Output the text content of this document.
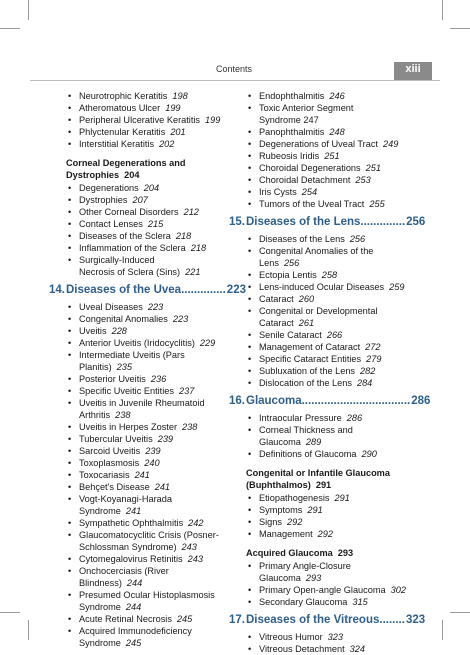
Contents	xiii
• Neurotrophic Keratitis 198
• Atheromatous Ulcer 199
• Peripheral Ulcerative Keratitis 199
• Phlyctenular Keratitis 201
• Interstitial Keratitis 202
Corneal Degenerations and
Dystrophies 204
• Degenerations 204
• Dystrophies 207
• Other Corneal Disorders 212
• Contact Lenses 215
• Diseases of the Sclera 218
• Inflammation of the Sclera 218
• Surgically-Induced
Necrosis of Sclera (Sins) 221
14.Diseases of the Uvea..............223
• Uveal Diseases 223
• Congenital Anomalies 223
• Uveitis 228
• Anterior Uveitis (Iridocyclitis) 229
• Intermediate Uveitis (Pars
Planitis) 235
• Posterior Uveitis 236
• Specific Uveitic Entities 237
• Uveitis in Juvenile Rheumatoid
Arthritis 238
• Uveitis in Herpes Zoster 238
• Tubercular Uveitis 239
• Sarcoid Uveitis 239
• Toxoplasmosis 240
• Toxocariasis 241
• Behçet's Disease 241
• Vogt-Koyanagi-Harada
Syndrome 241
• Sympathetic Ophthalmitis 242
• Glaucomatocyclitic Crisis (Posner-
Schlossman Syndrome) 243
• Cytomegalovirus Retinitis 243
• Onchocerciasis (River
Blindness) 244
• Presumed Ocular Histoplasmosis
Syndrome 244
• Acute Retinal Necrosis 245
• Acquired Immunodeficiency
Syndrome 245
• Endophthalmitis 246
• Toxic Anterior Segment
Syndrome 247
• Panophthalmitis 248
• Degenerations of Uveal Tract 249
• Rubeosis Iridis 251
• Choroidal Degenerations 251
• Choroidal Detachment 253
• Iris Cysts 254
• Tumors of the Uveal Tract 255
15.Diseases of the Lens..............256
• Diseases of the Lens 256
• Congenital Anomalies of the
Lens 256
• Ectopia Lentis 258
• Lens-induced Ocular Diseases 259
• Cataract 260
• Congenital or Developmental
Cataract 261
• Senile Cataract 266
• Management of Cataract 272
• Specific Cataract Entities 279
• Subluxation of the Lens 282
• Dislocation of the Lens 284
16.Glaucoma..................................286
• Intraocular Pressure 286
• Corneal Thickness and
Glaucoma 289
• Definitions of Glaucoma 290
Congenital or Infantile Glaucoma
(Buphthalmos) 291
• Etiopathogenesis 291
• Symptoms 291
• Signs 292
• Management 292
Acquired Glaucoma 293
• Primary Angle-Closure
Glaucoma 293
• Primary Open-angle Glaucoma 302
• Secondary Glaucoma 315
17.Diseases of the Vitreous........323
• Vitreous Humor 323
• Vitreous Detachment 324
